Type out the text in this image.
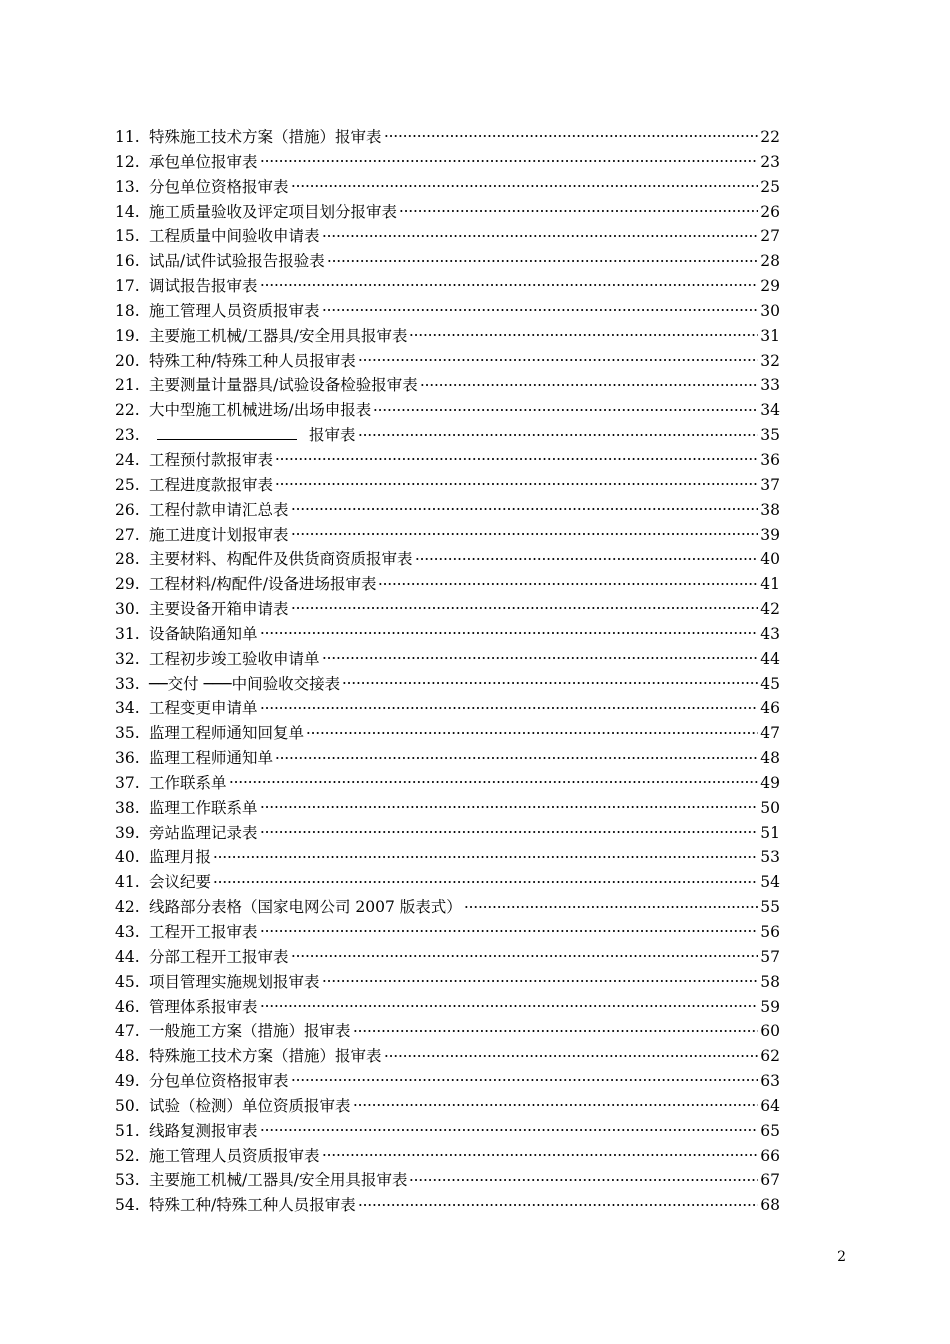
11. 特殊施工技术方案（措施）报审表	22
12. 承包单位报审表	23
13. 分包单位资格报审表	25
14. 施工质量验收及评定项目划分报审表	26
15. 工程质量中间验收申请表	27
16. 试品/试件试验报告报验表	28
17. 调试报告报审表	29
18. 施工管理人员资质报审表	30
19. 主要施工机械/工器具/安全用具报审表	31
20. 特殊工种/特殊工种人员报审表	32
21. 主要测量计量器具/试验设备检验报审表	33
22. 大中型施工机械进场/出场申报表	34
23.	报审表	35
24. 工程预付款报审表	36
25. 工程进度款报审表	37
26. 工程付款申请汇总表	38
27. 施工进度计划报审表	39
28. 主要材料、构配件及供货商资质报审表	40
29. 工程材料/构配件/设备进场报审表	41
30. 主要设备开箱申请表	42
31. 设备缺陷通知单	43
32. 工程初步竣工验收申请单	44
33. ──交付 ───中间验收交接表	45
34. 工程变更申请单	46
35. 监理工程师通知回复单	47
36. 监理工程师通知单	48
37. 工作联系单	49
38. 监理工作联系单	50
39. 旁站监理记录表	51
40. 监理月报	53
41. 会议纪要	54
42. 线路部分表格（国家电网公司 2007 版表式）	55
43. 工程开工报审表	56
44. 分部工程开工报审表	57
45. 项目管理实施规划报审表	58
46. 管理体系报审表	59
47. 一般施工方案（措施）报审表	60
48. 特殊施工技术方案（措施）报审表	62
49. 分包单位资格报审表	63
50. 试验（检测）单位资质报审表	64
51. 线路复测报审表	65
52. 施工管理人员资质报审表	66
53. 主要施工机械/工器具/安全用具报审表	67
54. 特殊工种/特殊工种人员报审表	68
2
